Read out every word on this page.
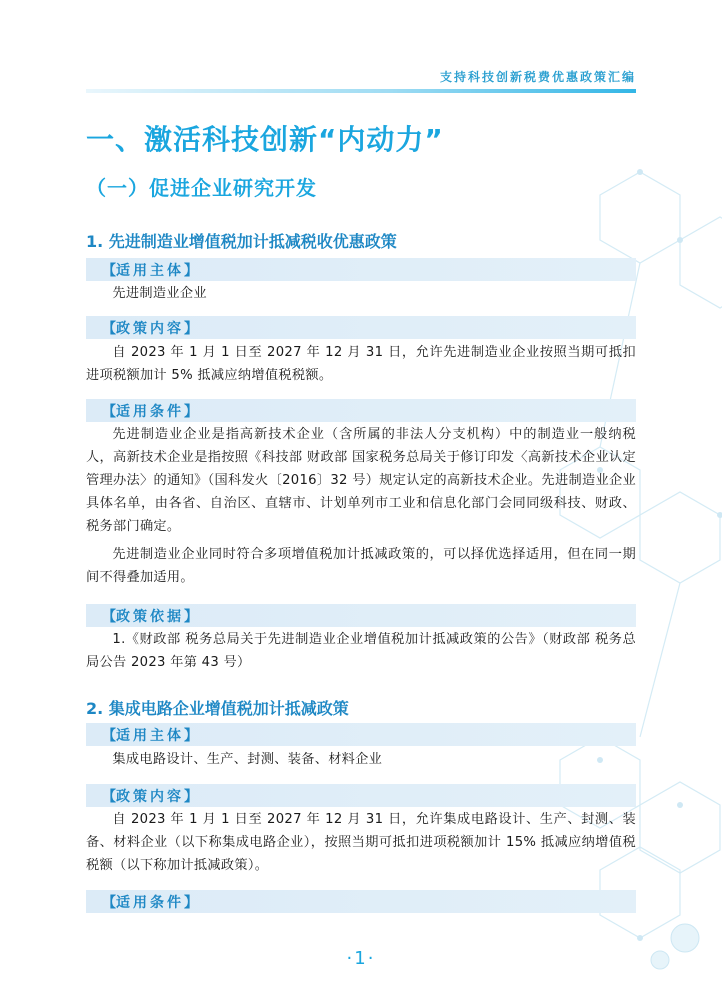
支持科技创新税费优惠政策汇编
一、激活科技创新“内动力”
（一）促进企业研究开发
1. 先进制造业增值税加计抵减税收优惠政策
【适用主体】
先进制造业企业
【政策内容】
自 2023 年 1 月 1 日至 2027 年 12 月 31 日，允许先进制造业企业按照当期可抵扣进项税额加计 5% 抵减应纳增值税税额。
【适用条件】
先进制造业企业是指高新技术企业（含所属的非法人分支机构）中的制造业一般纳税人，高新技术企业是指按照《科技部 财政部 国家税务总局关于修订印发〈高新技术企业认定管理办法〉的通知》（国科发火〔2016〕32 号）规定认定的高新技术企业。先进制造业企业具体名单，由各省、自治区、直辖市、计划单列市工业和信息化部门会同同级科技、财政、税务部门确定。
先进制造业企业同时符合多项增值税加计抵减政策的，可以择优选择适用，但在同一期间不得叠加适用。
【政策依据】
1.《财政部 税务总局关于先进制造业企业增值税加计抵减政策的公告》（财政部 税务总局公告 2023 年第 43 号）
2. 集成电路企业增值税加计抵减政策
【适用主体】
集成电路设计、生产、封测、装备、材料企业
【政策内容】
自 2023 年 1 月 1 日至 2027 年 12 月 31 日，允许集成电路设计、生产、封测、装备、材料企业（以下称集成电路企业），按照当期可抵扣进项税额加计 15% 抵减应纳增值税税额（以下称加计抵减政策）。
【适用条件】
·1·
